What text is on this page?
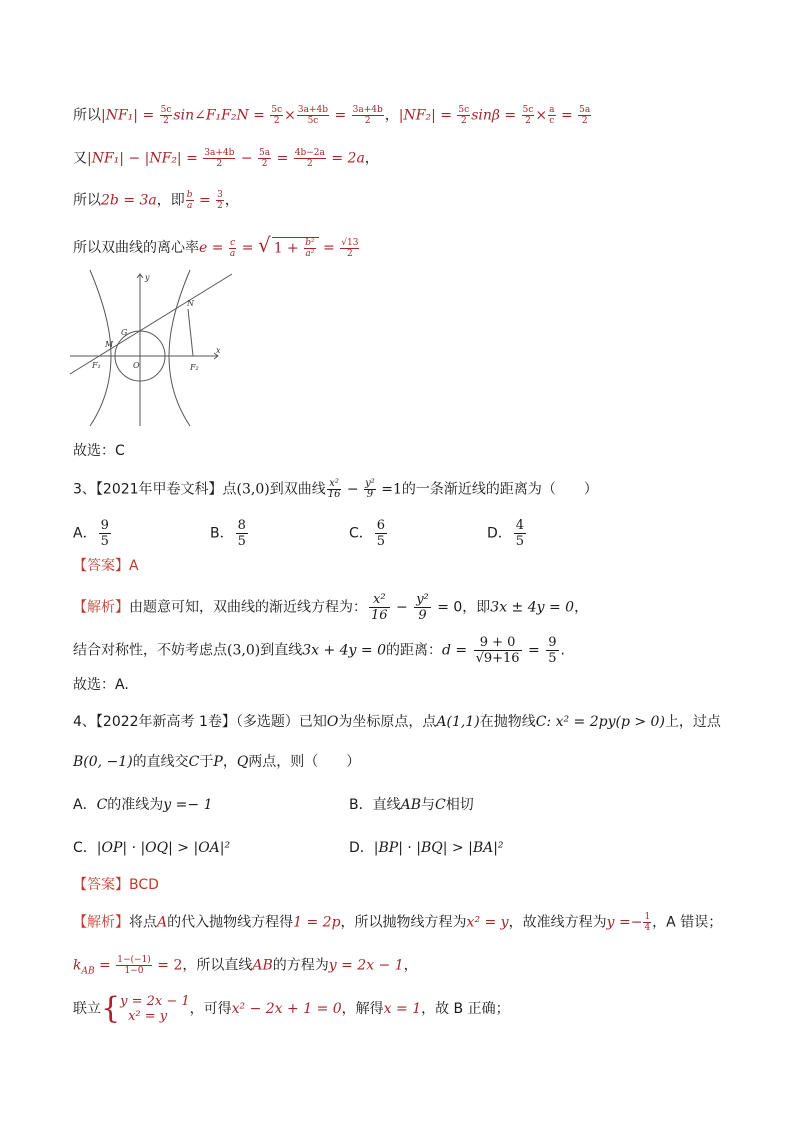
所以$|NF_1| = \frac{5c}{2}$ sin∠F₁F₂N = $\frac{5c}{2} \times \frac{3a+4b}{5c} = \frac{3a+4b}{2}$ ，$|NF_2| = \frac{5c}{2}$ $\sin\beta = \frac{5c}{2} \times \frac{a}{c} = \frac{5a}{2}$
又$|NF_1| - |NF_2| = \frac{3a+4b}{2} - \frac{5a}{2} = \frac{4b-2a}{2} = 2a$，
所以2b = 3a，即 $\frac{b}{a} = \frac{3}{2}$ ，
所以双曲线的离心率$e = \frac{c}{a}$ = √ $1 + \frac{\text{b²}}{\text{a²}} = \frac{√13}{2}$
y
x
N
G
M
O
F₁	F₂
故选：C
3、【2021年甲卷文科】点(3,0)到双曲线 $\frac{\text{x²}}{16} - \frac{\text{y²}}{9} =1$的一条渐近线的距离为（　　）
A． $\frac{9}{5}$	B． $\frac{8}{5}$	C． $\frac{6}{5}$	D． $\frac{4}{5}$
【答案】A
【解析】由题意可知，双曲线的渐近线方程为： $\frac{\text{x²}}{16} - \frac{\text{y²}}{9} = 0$，即3x ± 4y = 0，
结合对称性，不妨考虑点(3,0)到直线3x + 4y = 0的距离：$d = \frac{9 + 0}{√9+16} = \frac{9}{5}$ .
故选：A.
4、【2022年新高考 1卷】（多选题）已知O为坐标原点，点A(1,1)在抛物线C: x² = 2py(p > 0)上，过点
B(0, −1)的直线交C于P，Q两点，则（　　）
A．C的准线为y =− 1	B．直线AB与C相切
C．|OP| · |OQ| > |OA|²	D．|BP| · |BQ| > |BA|²
【答案】BCD
【解析】将点A的代入抛物线方程得1 = 2p，所以抛物线方程为x² = y，故准线方程为$y =- \frac{1}{4}$ ，A 错误；
$k_{AB} = \frac{1-(-1)}{1-0} = 2$，所以直线AB的方程为y = 2x − 1，
联立{ y = 2x − 1
x² = y	，可得x² − 2x + 1 = 0，解得x = 1，故 B 正确；
